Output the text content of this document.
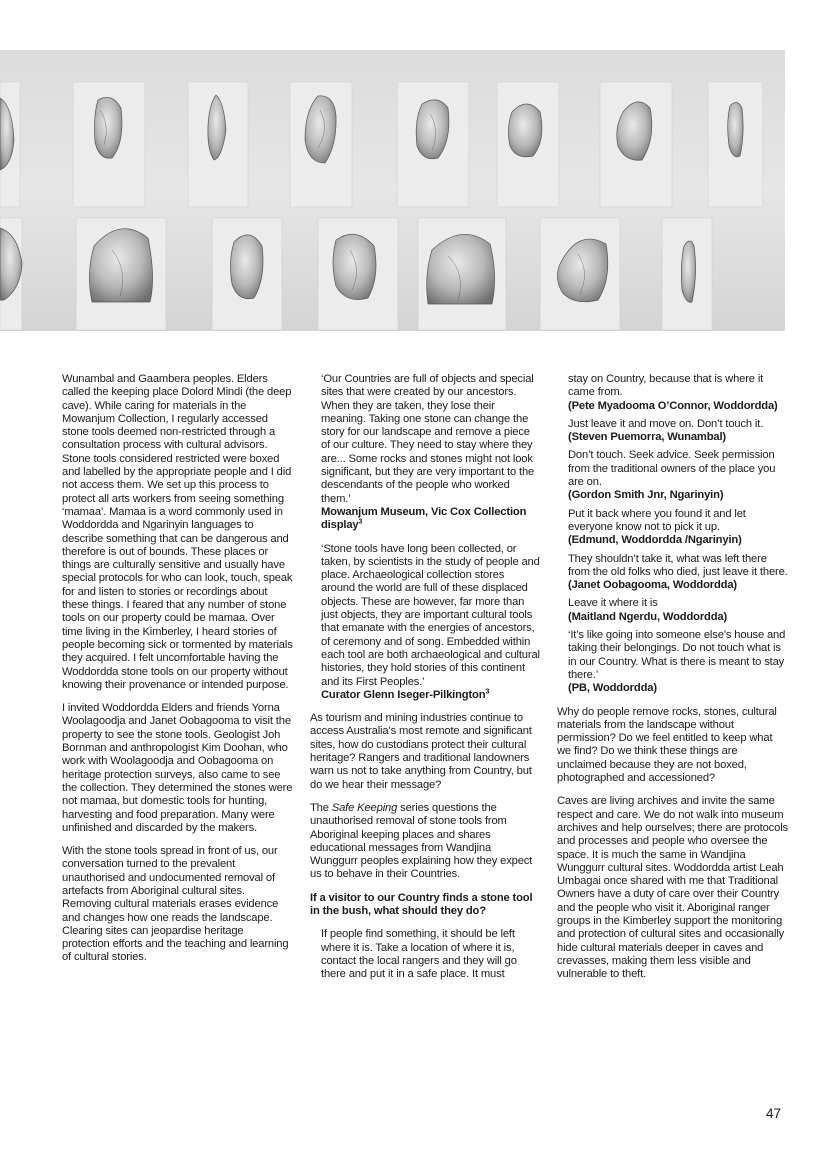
Wunambal and Gaambera peoples. Elders called the keeping place Dolord Mindi (the deep cave). While caring for materials in the Mowanjum Collection, I regularly accessed stone tools deemed non-restricted through a consultation process with cultural advisors. Stone tools considered restricted were boxed and labelled by the appropriate people and I did not access them. We set up this process to protect all arts workers from seeing something ‘mamaa’. Mamaa is a word commonly used in Woddordda and Ngarinyin languages to describe something that can be dangerous and therefore is out of bounds. These places or things are culturally sensitive and usually have special protocols for who can look, touch, speak for and listen to stories or recordings about these things. I feared that any number of stone tools on our property could be mamaa. Over time living in the Kimberley, I heard stories of people becoming sick or tormented by materials they acquired. I felt uncomfortable having the Woddordda stone tools on our property without knowing their provenance or intended purpose.

I invited Woddordda Elders and friends Yorna Woolagoodja and Janet Oobagooma to visit the property to see the stone tools. Geologist Joh Bornman and anthropologist Kim Doohan, who work with Woolagoodja and Oobagooma on heritage protection surveys, also came to see the collection. They determined the stones were not mamaa, but domestic tools for hunting, harvesting and food preparation. Many were unfinished and discarded by the makers.

With the stone tools spread in front of us, our conversation turned to the prevalent unauthorised and undocumented removal of artefacts from Aboriginal cultural sites. Removing cultural materials erases evidence and changes how one reads the landscape. Clearing sites can jeopardise heritage protection efforts and the teaching and learning of cultural stories.

‘Our Countries are full of objects and special sites that were created by our ancestors. When they are taken, they lose their meaning. Taking one stone can change the story for our landscape and remove a piece of our culture. They need to stay where they are... Some rocks and stones might not look significant, but they are very important to the descendants of the people who worked them.’
Mowanjum Museum, Vic Cox Collection display$^3$

‘Stone tools have long been collected, or taken, by scientists in the study of people and place. Archaeological collection stores around the world are full of these displaced objects. These are however, far more than just objects, they are important cultural tools that emanate with the energies of ancestors, of ceremony and of song. Embedded within each tool are both archaeological and cultural histories, they hold stories of this continent and its First Peoples.’
Curator Glenn Iseger-Pilkington$^3$

As tourism and mining industries continue to access Australia’s most remote and significant sites, how do custodians protect their cultural heritage? Rangers and traditional landowners warn us not to take anything from Country, but do we hear their message?

The Safe Keeping series questions the unauthorised removal of stone tools from Aboriginal keeping places and shares educational messages from Wandjina Wunggurr peoples explaining how they expect us to behave in their Countries.

If a visitor to our Country finds a stone tool in the bush, what should they do?

If people find something, it should be left where it is. Take a location of where it is, contact the local rangers and they will go there and put it in a safe place. It must

stay on Country, because that is where it came from.
(Pete Myadooma O’Connor, Woddordda)

Just leave it and move on. Don’t touch it.
(Steven Puemorra, Wunambal)

Don’t touch. Seek advice. Seek permission from the traditional owners of the place you are on.
(Gordon Smith Jnr, Ngarinyin)

Put it back where you found it and let everyone know not to pick it up.
(Edmund, Woddordda /Ngarinyin)

They shouldn’t take it, what was left there from the old folks who died, just leave it there.
(Janet Oobagooma, Woddordda)

Leave it where it is
(Maitland Ngerdu, Woddordda)

‘It’s like going into someone else’s house and taking their belongings. Do not touch what is in our Country. What is there is meant to stay there.’
(PB, Woddordda)

Why do people remove rocks, stones, cultural materials from the landscape without permission? Do we feel entitled to keep what we find? Do we think these things are unclaimed because they are not boxed, photographed and accessioned?

Caves are living archives and invite the same respect and care. We do not walk into museum archives and help ourselves; there are protocols and processes and people who oversee the space. It is much the same in Wandjina Wunggurr cultural sites. Woddordda artist Leah Umbagai once shared with me that Traditional Owners have a duty of care over their Country and the people who visit it. Aboriginal ranger groups in the Kimberley support the monitoring and protection of cultural sites and occasionally hide cultural materials deeper in caves and crevasses, making them less visible and vulnerable to theft.

47
